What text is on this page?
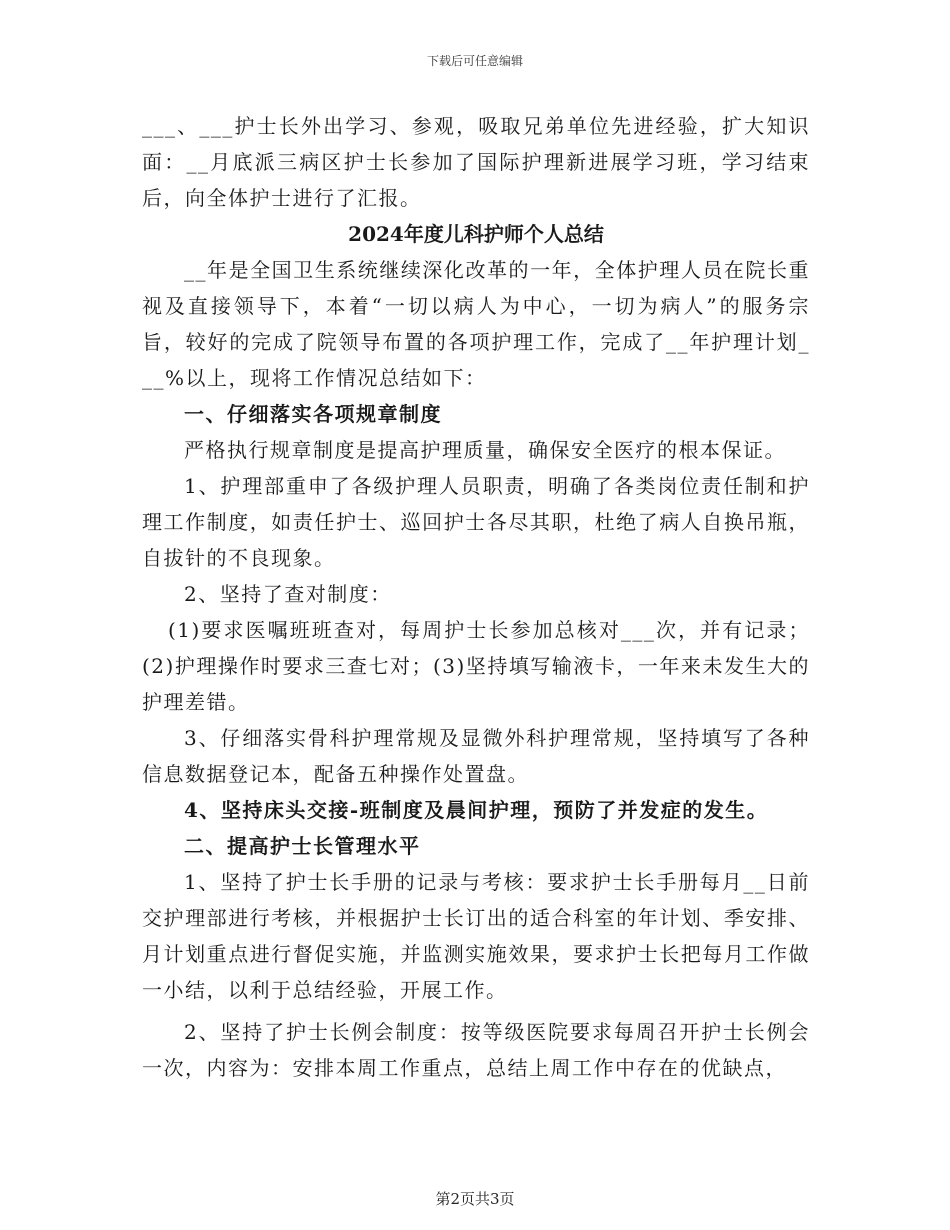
下载后可任意编辑

___、___护士长外出学习、参观，吸取兄弟单位先进经验，扩大知识面：__月底派三病区护士长参加了国际护理新进展学习班，学习结束后，向全体护士进行了汇报。

2024年度儿科护师个人总结

__年是全国卫生系统继续深化改革的一年，全体护理人员在院长重视及直接领导下，本着“一切以病人为中心，一切为病人”的服务宗旨，较好的完成了院领导布置的各项护理工作，完成了__年护理计划___%以上，现将工作情况总结如下：

一、仔细落实各项规章制度

严格执行规章制度是提高护理质量，确保安全医疗的根本保证。

1、护理部重申了各级护理人员职责，明确了各类岗位责任制和护理工作制度，如责任护士、巡回护士各尽其职，杜绝了病人自换吊瓶，自拔针的不良现象。

2、坚持了查对制度：

(1)要求医嘱班班查对，每周护士长参加总核对___次，并有记录；(2)护理操作时要求三查七对；(3)坚持填写输液卡，一年来未发生大的护理差错。

3、仔细落实骨科护理常规及显微外科护理常规，坚持填写了各种信息数据登记本，配备五种操作处置盘。

4、坚持床头交接-班制度及晨间护理，预防了并发症的发生。

二、提高护士长管理水平

1、坚持了护士长手册的记录与考核：要求护士长手册每月__日前交护理部进行考核，并根据护士长订出的适合科室的年计划、季安排、月计划重点进行督促实施，并监测实施效果，要求护士长把每月工作做一小结，以利于总结经验，开展工作。

2、坚持了护士长例会制度：按等级医院要求每周召开护士长例会一次，内容为：安排本周工作重点，总结上周工作中存在的优缺点，

第2页共3页
